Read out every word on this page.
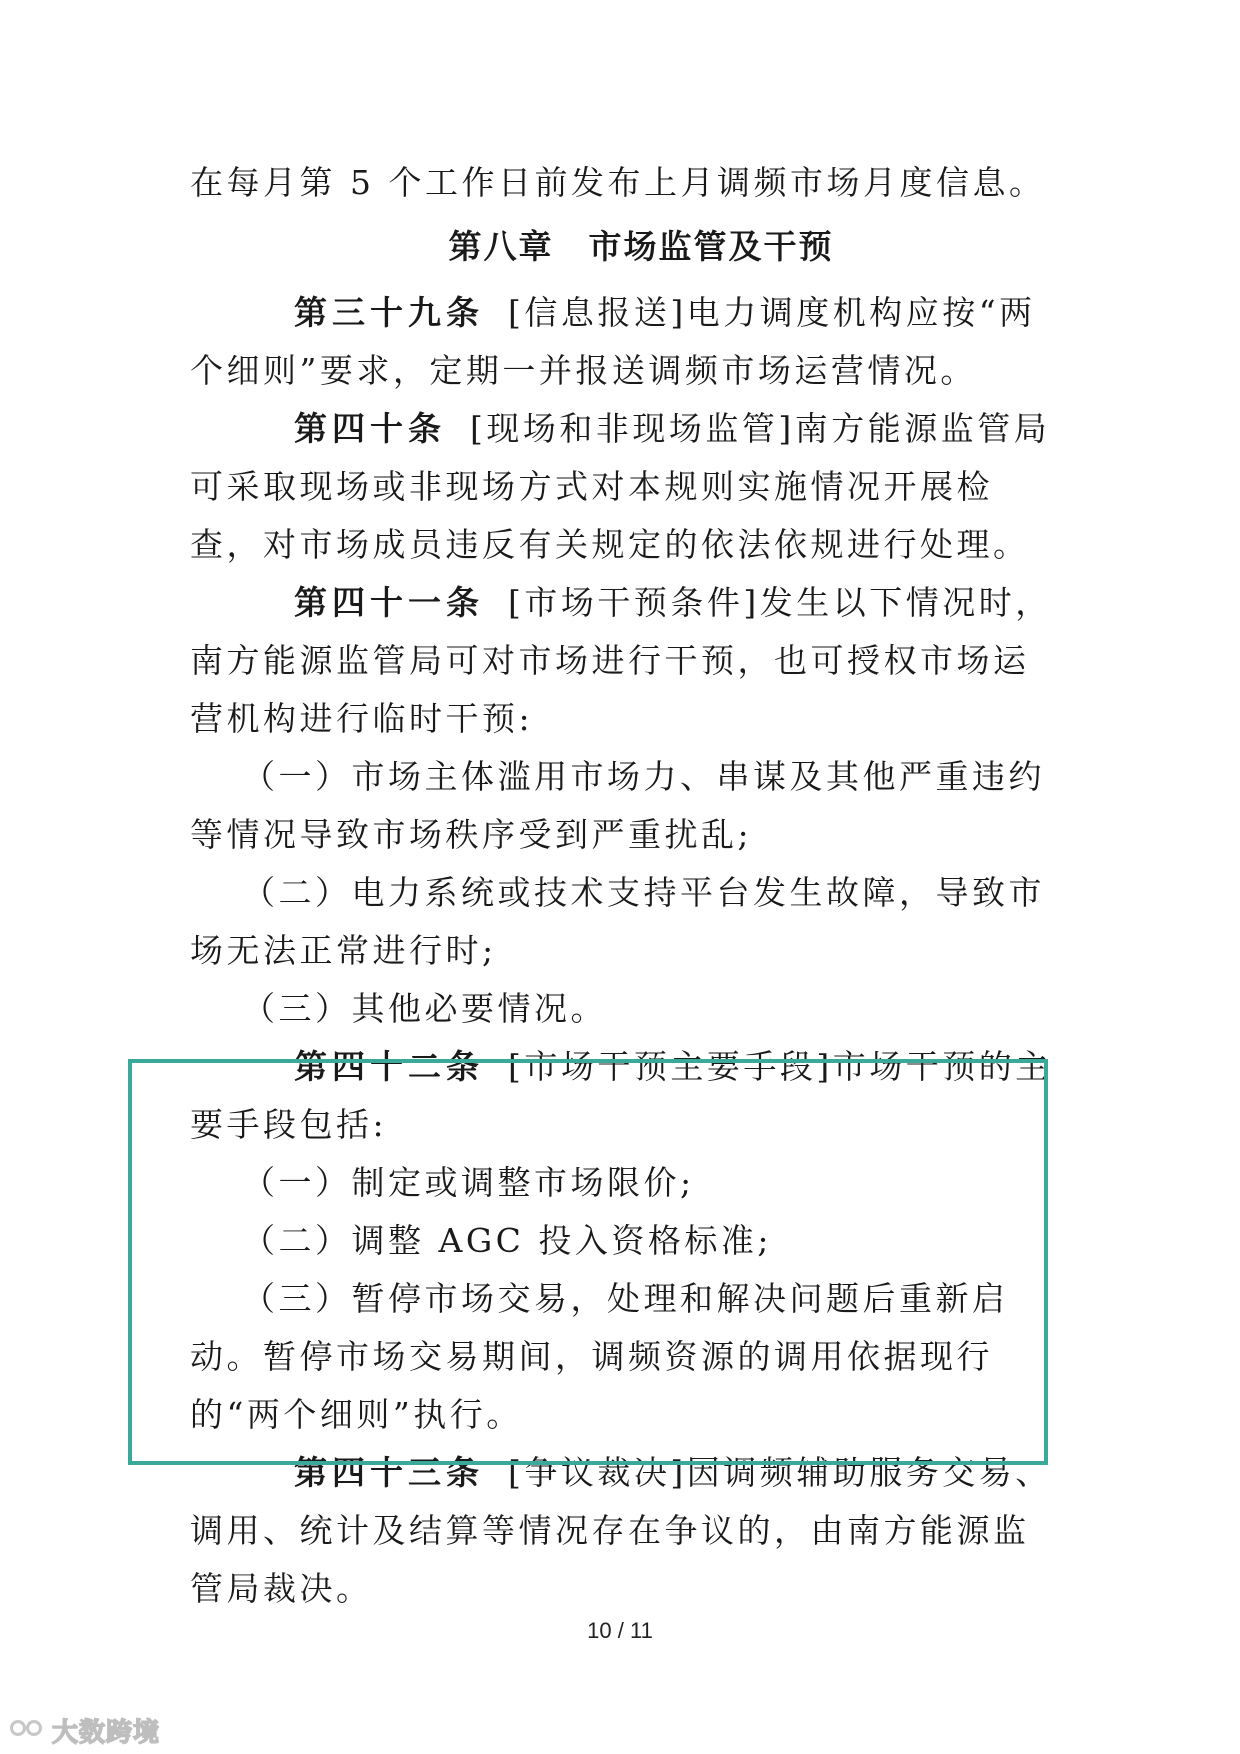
在每月第 5 个工作日前发布上月调频市场月度信息。

第八章　市场监管及干预

第三十九条 [信息报送]电力调度机构应按“两个细则”要求，定期一并报送调频市场运营情况。

第四十条 [现场和非现场监管]南方能源监管局可采取现场或非现场方式对本规则实施情况开展检查，对市场成员违反有关规定的依法依规进行处理。

第四十一条 [市场干预条件]发生以下情况时，南方能源监管局可对市场进行干预，也可授权市场运营机构进行临时干预:

（一）市场主体滥用市场力、串谋及其他严重违约等情况导致市场秩序受到严重扰乱;

（二）电力系统或技术支持平台发生故障，导致市场无法正常进行时;

（三）其他必要情况。

第四十二条 [市场干预主要手段]市场干预的主要手段包括:

（一）制定或调整市场限价;

（二）调整 AGC 投入资格标准;

（三）暂停市场交易，处理和解决问题后重新启动。暂停市场交易期间，调频资源的调用依据现行的“两个细则”执行。

第四十三条 [争议裁决]因调频辅助服务交易、调用、统计及结算等情况存在争议的，由南方能源监管局裁决。

10 / 11
大数跨境
